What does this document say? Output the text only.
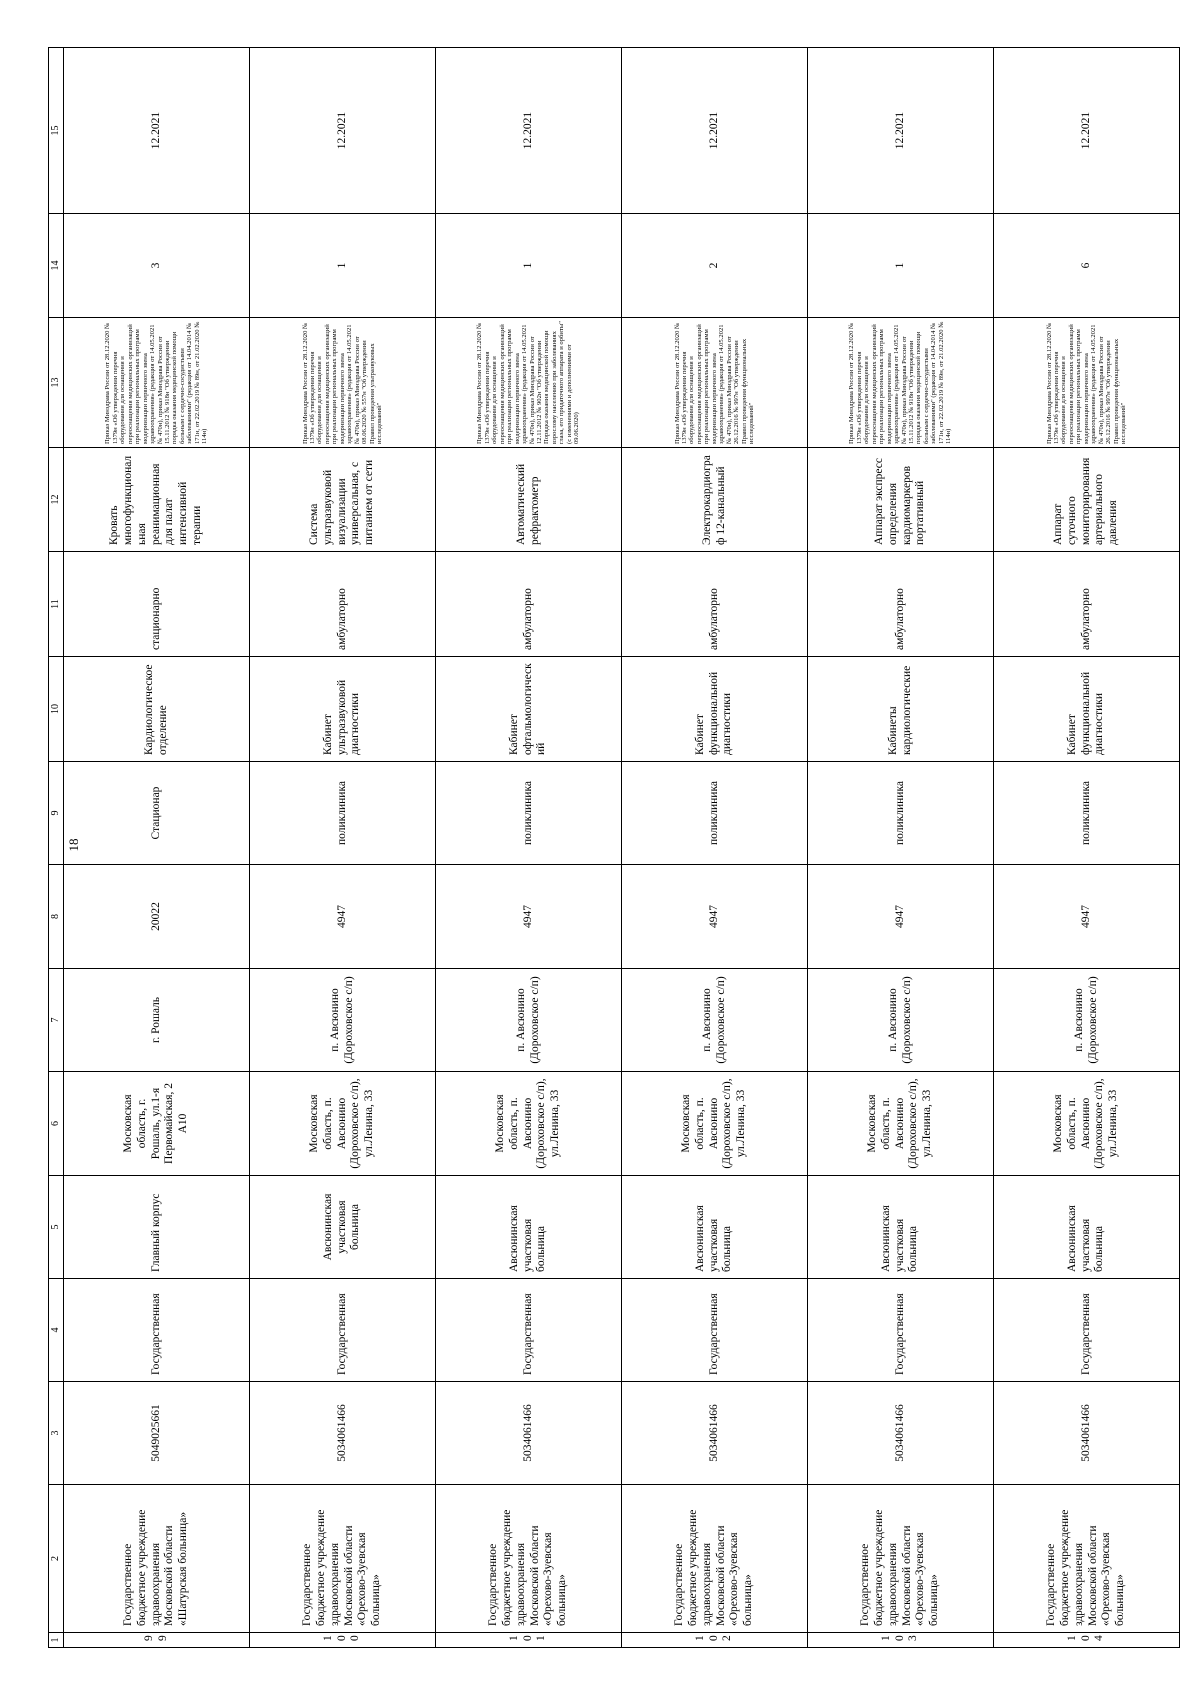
18
1	2	3	4	5	6	7	8	9	10	11	12	13	14	15
99	Государственное бюджетное учреждение здравоохранения Московской области «Шатурская больница»	5049025661	Государственная	Главный корпус	Московская область, г. Рошаль, ул.1-я Первомайская, 2 А10	г. Рошаль	20022	Стационар	Кардиологическое отделение	стационарно	Кровать многофункциональная реанимационная для палат интенсивной терапии	Приказ Минздрава России от 28.12.2020 № 1379н «Об утверждении перечня оборудования для оснащения и переоснащения медицинских организаций при реализации региональных программ модернизации первичного звена здравоохранения» (редакция от 14.05.2021 № 470н), приказ Минздрава России от 15.11.2012 № 918н "Об утверждении порядка оказания медицинской помощи больным с сердечно-сосудистыми заболеваниями" (редакция от 14.04.2014 № 171н, от 22.02.2019 № 89н, от 21.02.2020 № 114н)	3	12.2021
100	Государственное бюджетное учреждение здравоохранения Московской области «Орехово-Зуевская больница»	5034061466	Государственная	Авсюнинская участковая больница	Московская область, п. Авсюнино (Дороховское с/п), ул.Ленина, 33	п. Авсюнино (Дороховское с/п)	4947	поликлиника	Кабинет ультразвуковой диагностики	амбулаторно	Система ультразвуковой визуализации универсальная, с питанием от сети	Приказ Минздрава России от 28.12.2020 № 1379н «Об утверждении перечня оборудования для оснащения и переоснащения медицинских организаций при реализации региональных программ модернизации первичного звена здравоохранения» (редакция от 14.05.2021 № 470н), приказ Минздрава России от 08.06.2020 № 557н "Об утверждении Правил проведения ультразвуковых исследований"	1	12.2021
101	Государственное бюджетное учреждение здравоохранения Московской области «Орехово-Зуевская больница»	5034061466	Государственная	Авсюнинская участковая больница	Московская область, п. Авсюнино (Дороховское с/п), ул.Ленина, 33	п. Авсюнино (Дороховское с/п)	4947	поликлиника	Кабинет офтальмологический	амбулаторно	Автоматический рефрактометр	Приказ Минздрава России от 28.12.2020 № 1379н «Об утверждении перечня оборудования для оснащения и переоснащения медицинских организаций при реализации региональных программ модернизации первичного звена здравоохранения» (редакция от 14.05.2021 № 470н), приказ Минздрава России от 12.11.2012 № 902н "Об утверждении Порядка оказания медицинской помощи взрослому населению при заболеваниях глаза, его придаточного аппарата и орбиты" (с изменениями и дополнениями от 09.06.2020)	1	12.2021
102	Государственное бюджетное учреждение здравоохранения Московской области «Орехово-Зуевская больница»	5034061466	Государственная	Авсюнинская участковая больница	Московская область, п. Авсюнино (Дороховское с/п), ул.Ленина, 33	п. Авсюнино (Дороховское с/п)	4947	поликлиника	Кабинет функциональной диагностики	амбулаторно	Электрокардиограф 12-канальный	Приказ Минздрава России от 28.12.2020 № 1379н «Об утверждении перечня оборудования для оснащения и переоснащения медицинских организаций при реализации региональных программ модернизации первичного звена здравоохранения» (редакция от 14.05.2021 № 470н), приказ Минздрава России от 26.12.2016 № 997н "Об утверждении Правил проведения функциональных исследований"	2	12.2021
103	Государственное бюджетное учреждение здравоохранения Московской области «Орехово-Зуевская больница»	5034061466	Государственная	Авсюнинская участковая больница	Московская область, п. Авсюнино (Дороховское с/п), ул.Ленина, 33	п. Авсюнино (Дороховское с/п)	4947	поликлиника	Кабинеты кардиологические	амбулаторно	Аппарат экспресс определения кардиомаркеров портативный	Приказ Минздрава России от 28.12.2020 № 1379н «Об утверждении перечня оборудования для оснащения и переоснащения медицинских организаций при реализации региональных программ модернизации первичного звена здравоохранения» (редакция от 14.05.2021 № 470н), приказ Минздрава России от 15.11.2012 № 918н "Об утверждении порядка оказания медицинской помощи больным с сердечно-сосудистыми заболеваниями" (редакция от 14.04.2014 № 171н, от 22.02.2019 № 89н, от 21.02.2020 № 114н)	1	12.2021
104	Государственное бюджетное учреждение здравоохранения Московской области «Орехово-Зуевская больница»	5034061466	Государственная	Авсюнинская участковая больница	Московская область, п. Авсюнино (Дороховское с/п), ул.Ленина, 33	п. Авсюнино (Дороховское с/п)	4947	поликлиника	Кабинет функциональной диагностики	амбулаторно	Аппарат суточного мониторирования артериального давления	Приказ Минздрава России от 28.12.2020 № 1379н «Об утверждении перечня оборудования для оснащения и переоснащения медицинских организаций при реализации региональных программ модернизации первичного звена здравоохранения» (редакция от 14.05.2021 № 470н), приказ Минздрава России от 26.12.2016 № 997н "Об утверждении Правил проведения функциональных исследований"	6	12.2021
